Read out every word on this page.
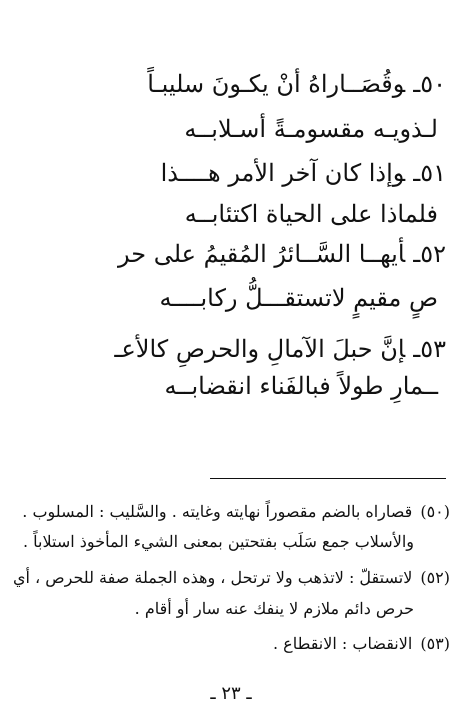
٥٠ـوقُصَــاراهُ أنْ يكـونَ سليبـاً
لـذويـه مقسومـةً أسـلابــه
٥١ـوإذا كان آخر الأمر هــــذا
فلماذا على الحياة اكتئابــه
٥٢ـأيهــا السَّــائرُ المُقيمُ على حر
صٍ مقيمٍ لاتستقـــلُّ ركابــــه
٥٣ـإنَّ حبلَ الآمالِ والحرصِ كالأعـ
ــمارِ طولاً فبالفَناء انقضابــه
(٥٠)قصاراه بالضم مقصوراً نهايته وغايته . والسَّليب : المسلوب .
والأسلاب جمع سَلَب بفتحتين بمعنى الشيء المأخوذ استلاباً .
(٥٢)لاتستقلّ : لاتذهب ولا ترتحل ، وهذه الجملة صفة للحرص ، أي
حرص دائم ملازم لا ينفك عنه سار أو أقام .
(٥٣)الانقضاب : الانقطاع .
ـ ٢٣ ـ
